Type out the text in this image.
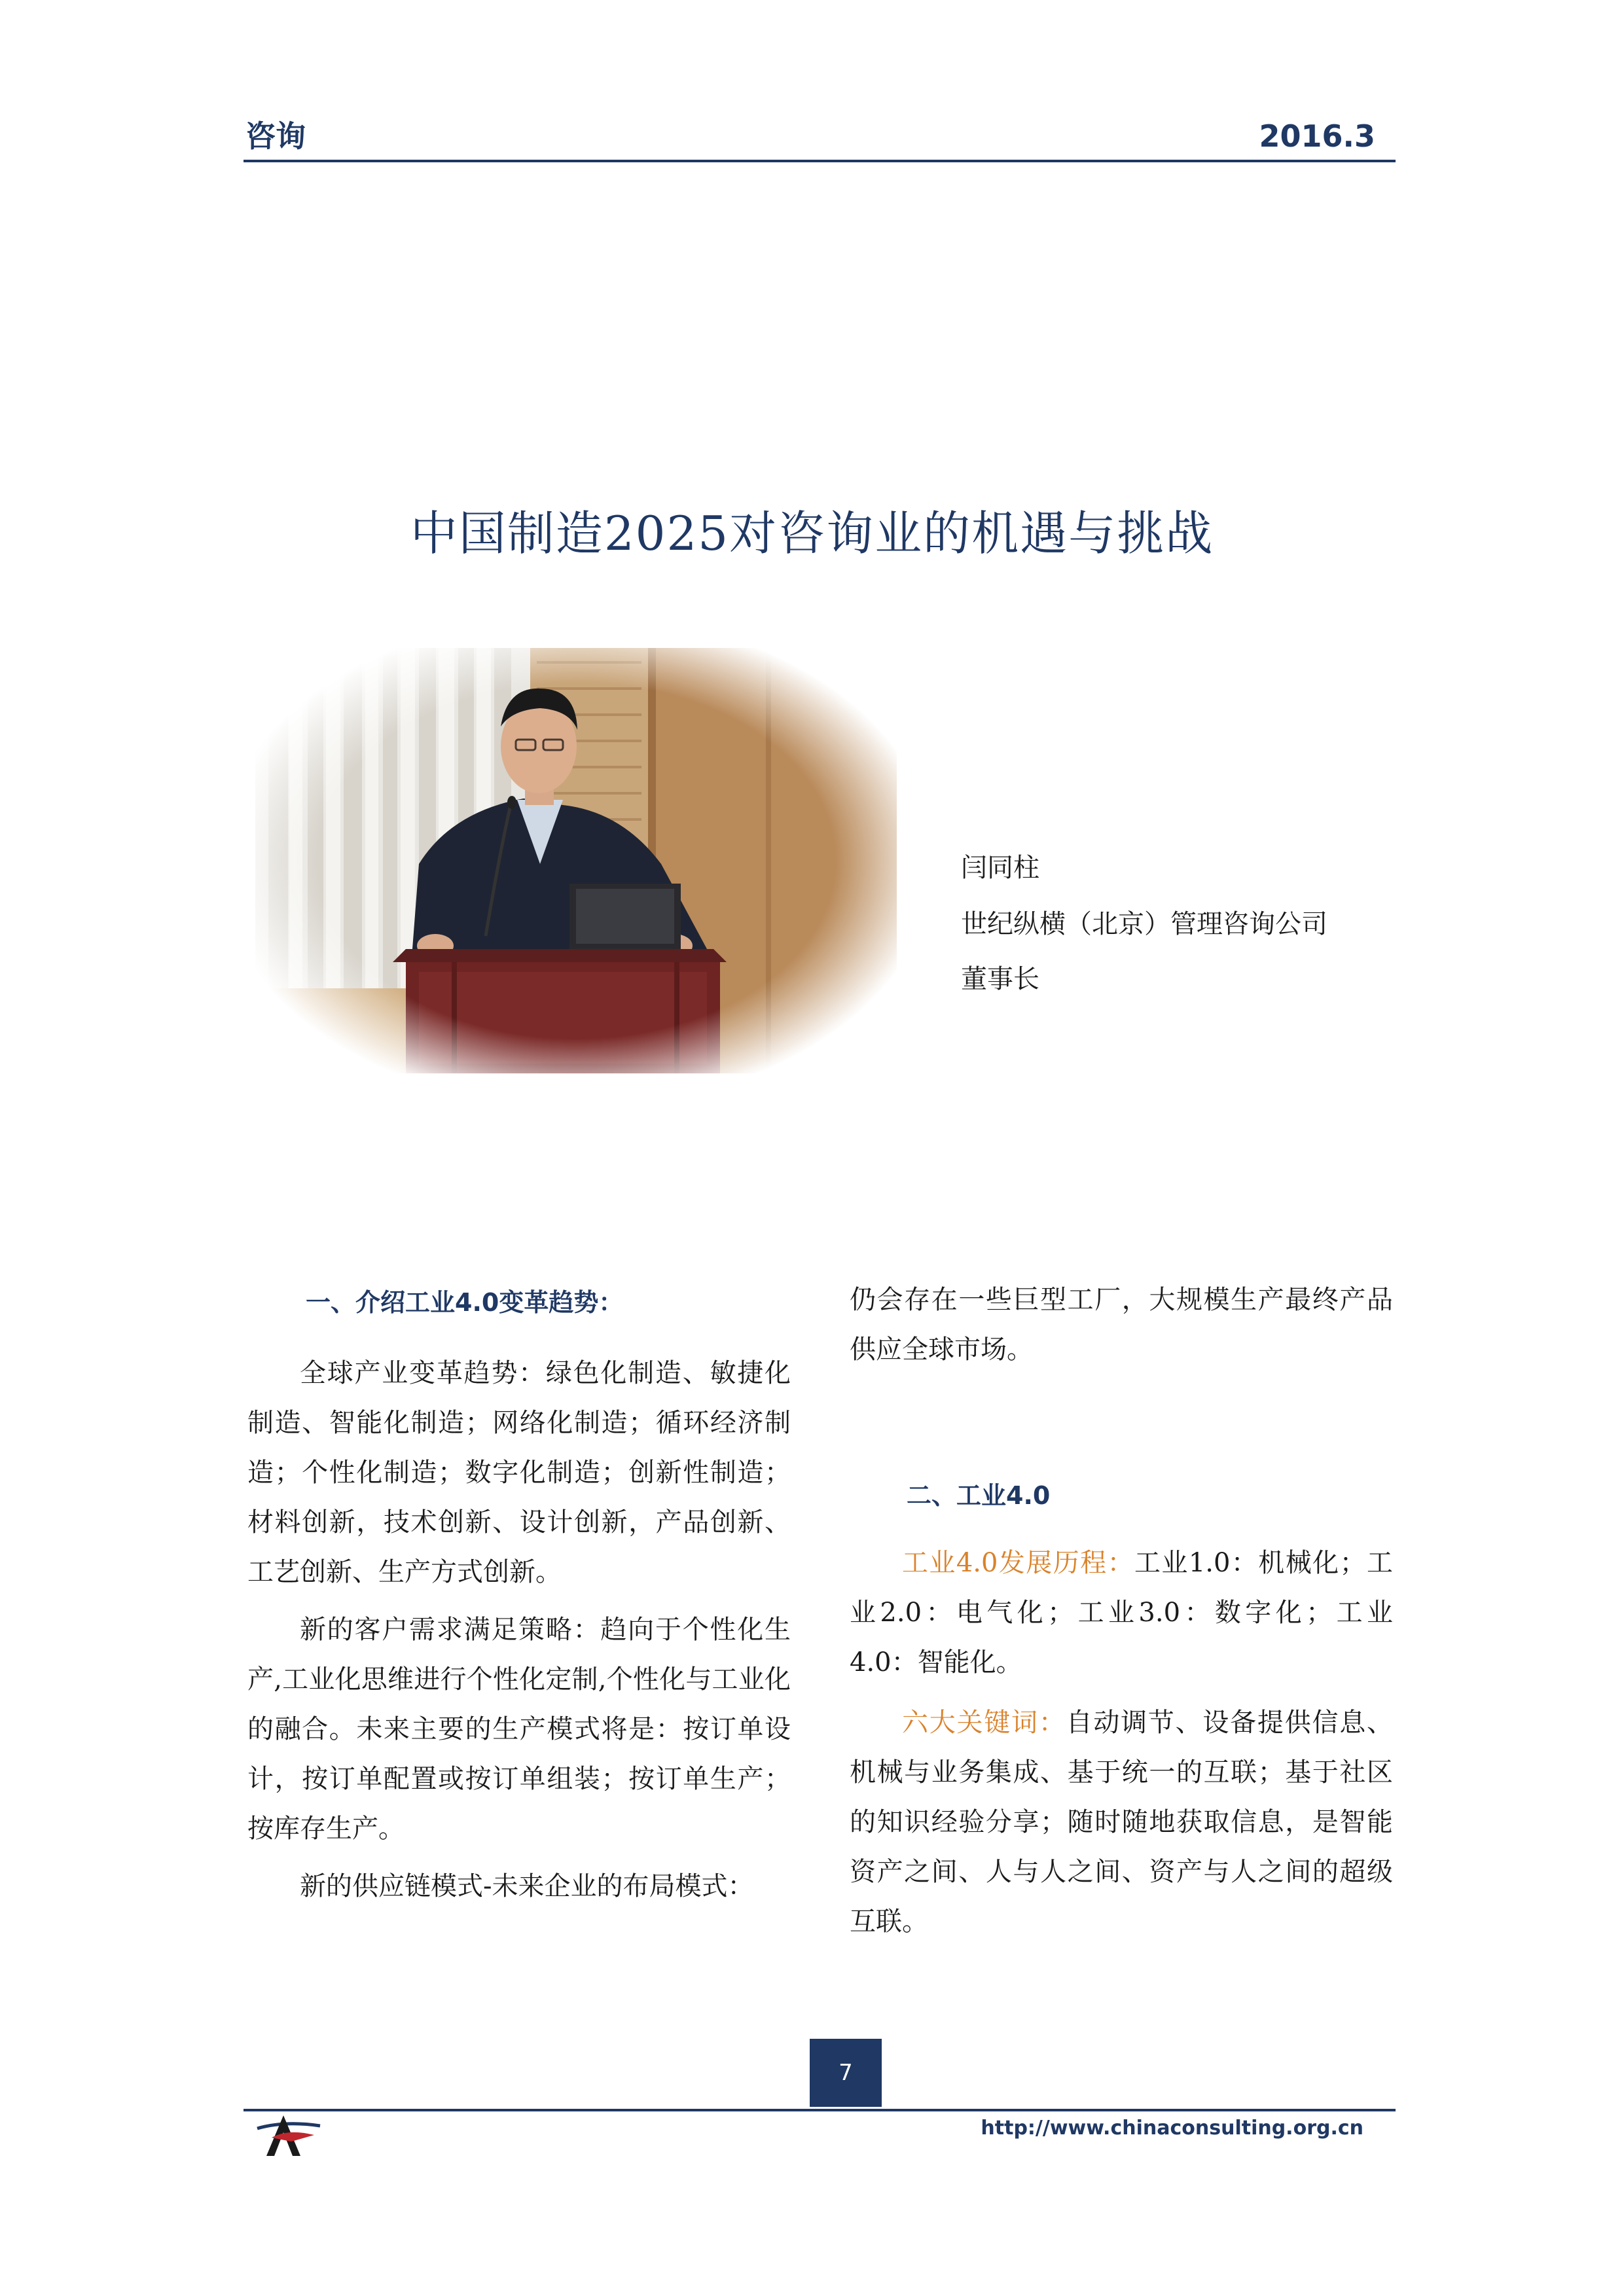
咨询	2016.3
中国制造2025对咨询业的机遇与挑战
闫同柱
世纪纵横（北京）管理咨询公司
董事长
一、介绍工业4.0变革趋势：

全球产业变革趋势：绿色化制造、敏捷化制造、智能化制造；网络化制造；循环经济制造；个性化制造；数字化制造；创新性制造；材料创新，技术创新、设计创新，产品创新、工艺创新、生产方式创新。

新的客户需求满足策略：趋向于个性化生产,工业化思维进行个性化定制,个性化与工业化的融合。未来主要的生产模式将是：按订单设计，按订单配置或按订单组装；按订单生产；按库存生产。

新的供应链模式-未来企业的布局模式：

仍会存在一些巨型工厂，大规模生产最终产品供应全球市场。

二、工业4.0

工业4.0发展历程：工业1.0：机械化；工业2.0：电气化；工业3.0：数字化；工业4.0：智能化。

六大关键词：自动调节、设备提供信息、机械与业务集成、基于统一的互联；基于社区的知识经验分享；随时随地获取信息，是智能资产之间、人与人之间、资产与人之间的超级互联。

7
http://www.chinaconsulting.org.cn
